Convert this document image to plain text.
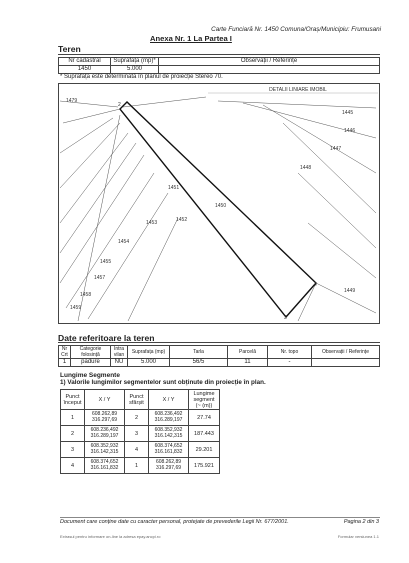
Carte Funciară Nr. 1450 Comuna/Oraș/Municipiu: Frumusani
Anexa Nr. 1 La Partea I
Teren
Nr cadastral	Suprafața (mp)*	Observații / Referințe
1450	5.000	
* Suprafața este determinată în planul de proiecție Stereo 70.
DETALII LINIARE IMOBIL
1479
1450
1445
1446
1447
1448
1449
1451
1452
1453
1454
1455
1457
1458
1459
2
4
3
Date referitoare la teren
Nr Crt	Categorie folosință	Intra vilan	Suprafața (mp)	Tarla	Parcelă	Nr. topo	Observații / Referințe
1	padure	NU	5.000	56/5	11	-	
Lungime Segmente
1) Valorile lungimilor segmentelor sunt obținute din proiecție în plan.
Punct început	X / Y	Punct sfârșit	X / Y	Lungime segment (~ (m))
1	608.262,89
316.297,69	2	608.236,492
316.289,197	27.74
2	608.236,492
316.289,197	3	608.352,932
316.142,315	187.443
3	608.352,932
316.142,315	4	608.374,652
316.161,832	29.201
4	608.374,652
316.161,832	1	608.262,89
316.297,69	175.921
Document care conține date cu caracter personal, protejate de prevederile Legii Nr. 677/2001.	Pagina 2 din 3
Extrasul pentru informare on-line la adresa epay.ancpi.ro	Formular versiunea 1.1
